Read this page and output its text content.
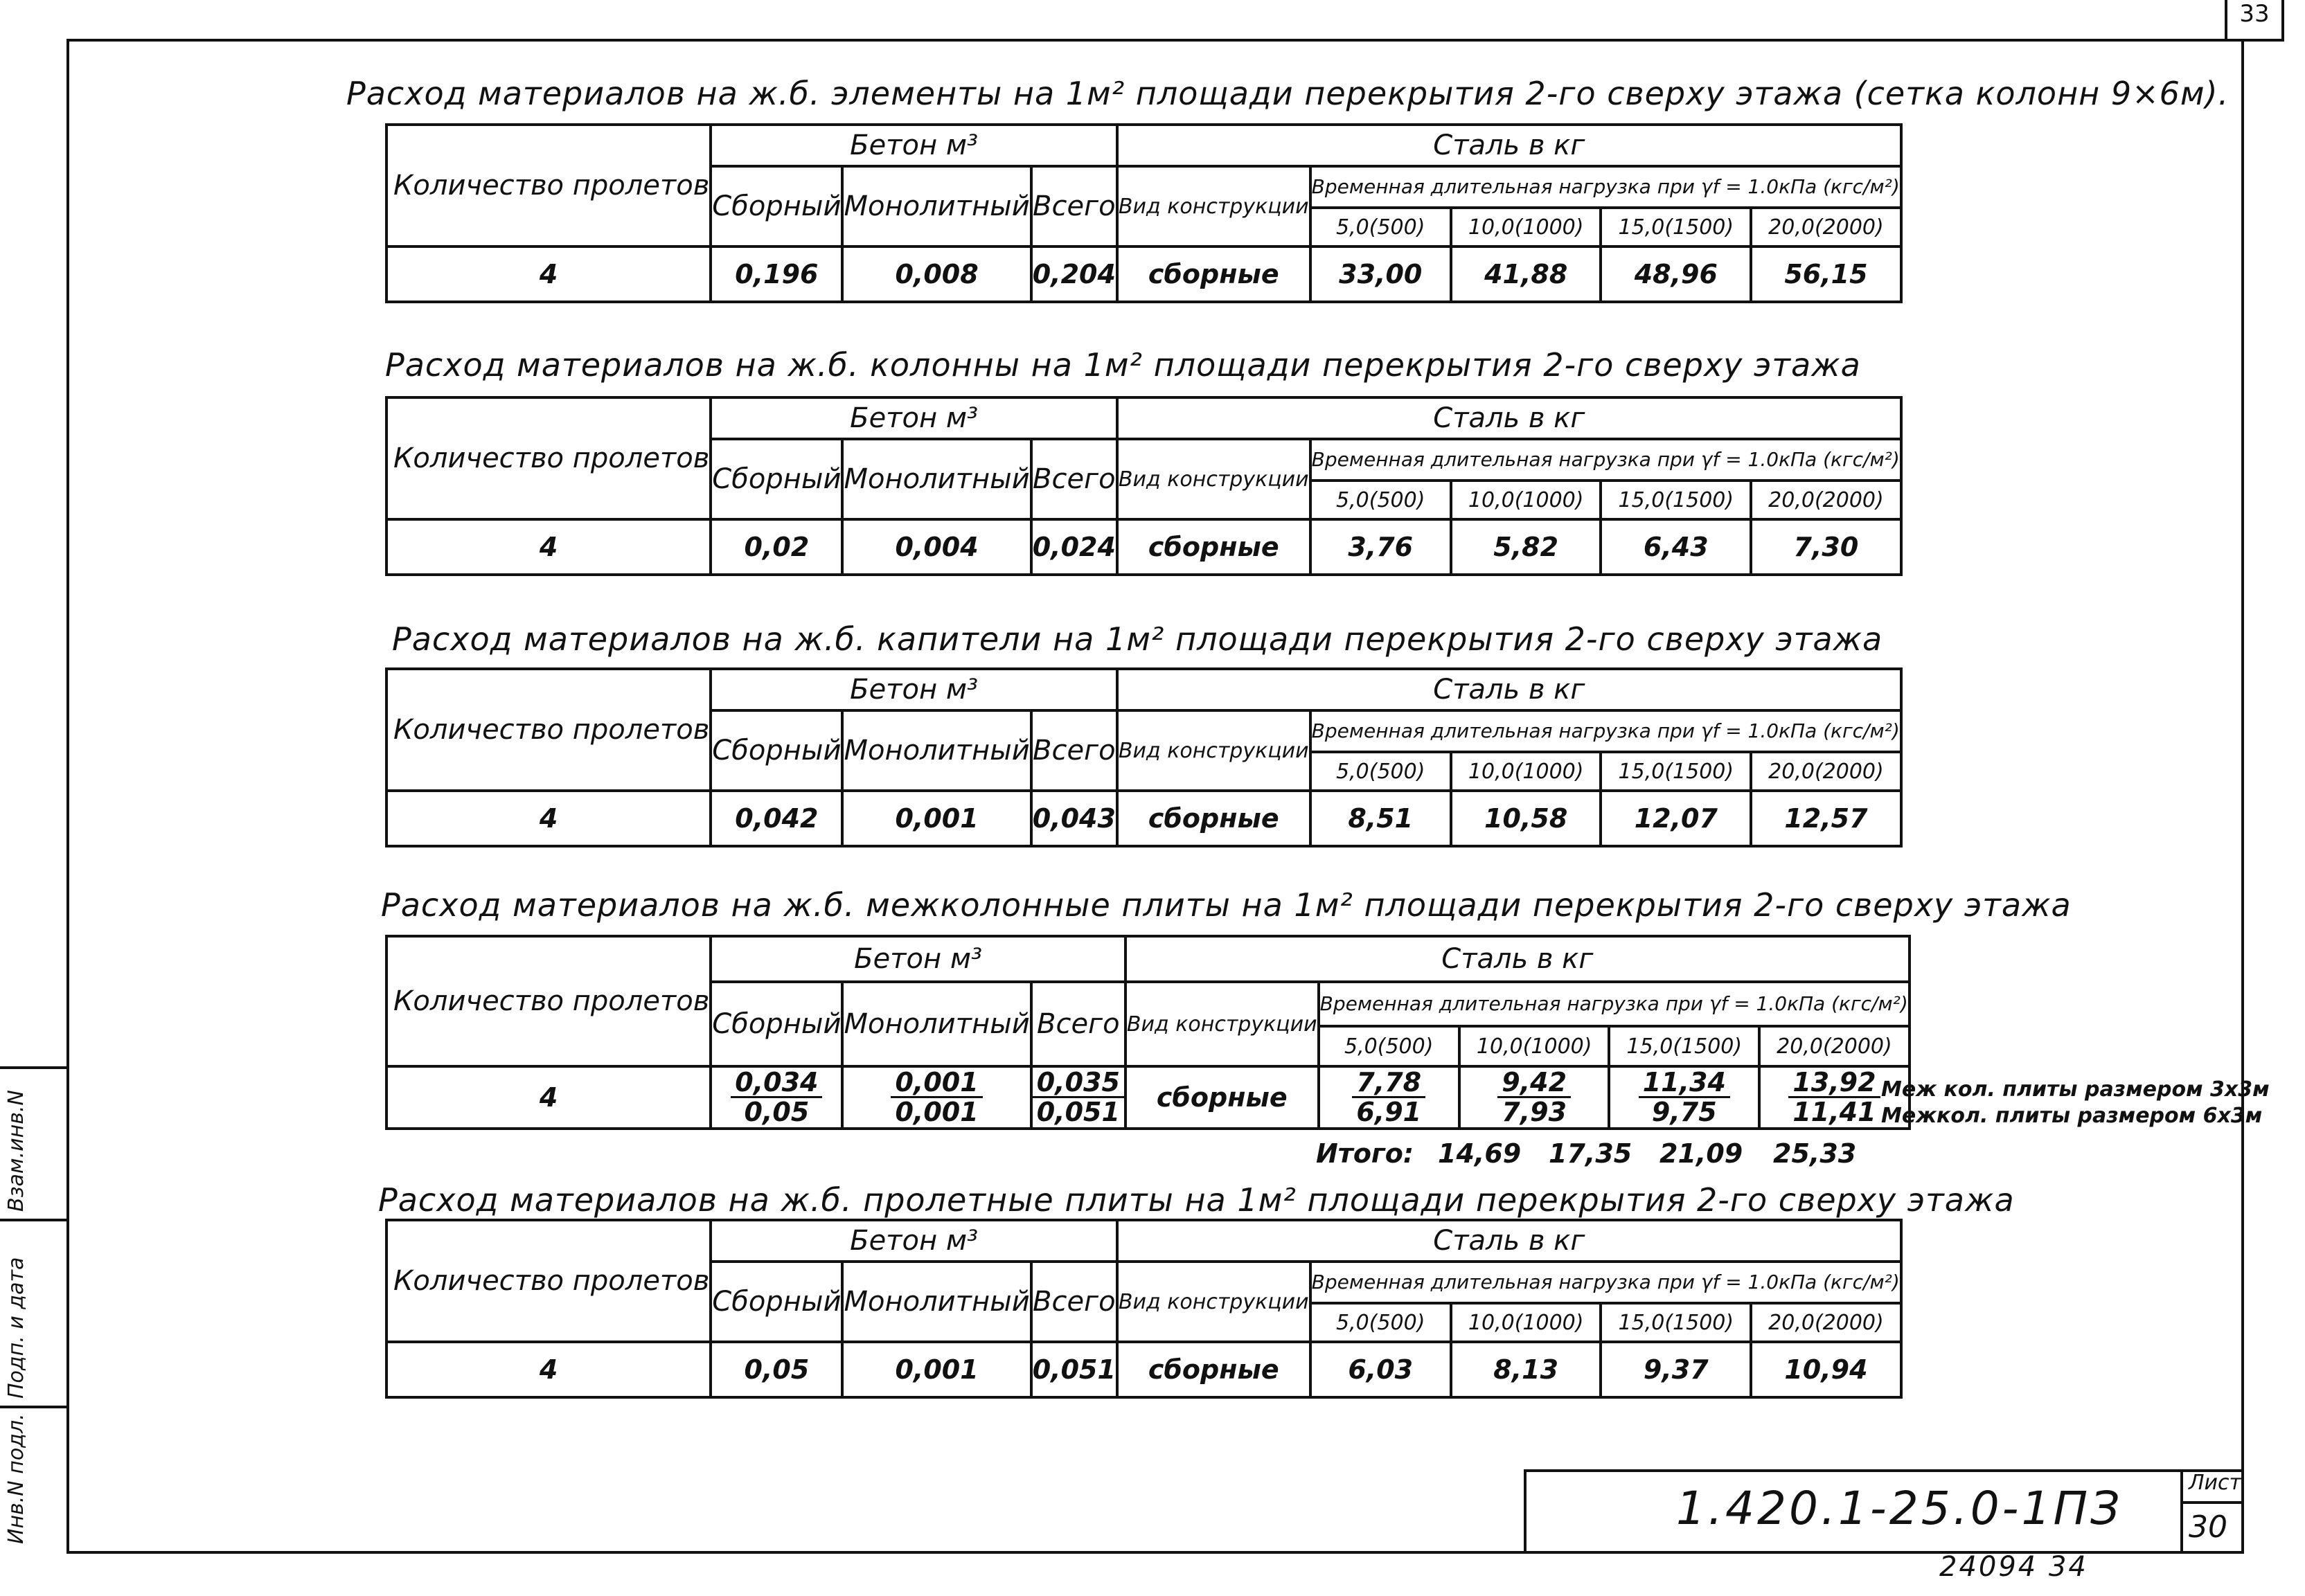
33
Инв.N подл.
Подп. и дата
Взам.инв.N
Расход материалов на ж.б. элементы на 1м² площади перекрытия 2-го сверху этажа (сетка колонн 9×6м).
Количество пролетов	Бетон м³			Сталь в кг				
	Сборный	Монолитный	Всего	Вид конструкции	Временная длительная нагрузка при γf = 1.0кПа (кгс/м²)			
					5,0(500)	10,0(1000)	15,0(1500)	20,0(2000)
4	0,196	0,008	0,204	сборные	33,00	41,88	48,96	56,15
Расход материалов на ж.б. колонны на 1м² площади перекрытия 2-го сверху этажа
Количество пролетов	Бетон м³			Сталь в кг				
	Сборный	Монолитный	Всего	Вид конструкции	Временная длительная нагрузка при γf = 1.0кПа (кгс/м²)			
					5,0(500)	10,0(1000)	15,0(1500)	20,0(2000)
4	0,02	0,004	0,024	сборные	3,76	5,82	6,43	7,30
Расход материалов на ж.б. капители на 1м² площади перекрытия 2-го сверху этажа
Количество пролетов	Бетон м³			Сталь в кг				
	Сборный	Монолитный	Всего	Вид конструкции	Временная длительная нагрузка при γf = 1.0кПа (кгс/м²)			
					5,0(500)	10,0(1000)	15,0(1500)	20,0(2000)
4	0,042	0,001	0,043	сборные	8,51	10,58	12,07	12,57
Расход материалов на ж.б. межколонные плиты на 1м² площади перекрытия 2-го сверху этажа
Количество пролетов	Бетон м³			Сталь в кг				
	Сборный	Монолитный	Всего	Вид конструкции	Временная длительная нагрузка при γf = 1.0кПа (кгс/м²)			
					5,0(500)	10,0(1000)	15,0(1500)	20,0(2000)
4	$\frac{0,034}{0,05}$	$\frac{0,001}{0,001}$	$\frac{0,035}{0,051}$	сборные	$\frac{7,78}{6,91}$	$\frac{9,42}{7,93}$	$\frac{11,34}{9,75}$	$\frac{13,92}{11,41}$ Меж кол. плиты размером 3х3м
Межкол. плиты размером 6х3м
Итого: 14,69 17,35 21,09 25,33
Расход материалов на ж.б. пролетные плиты на 1м² площади перекрытия 2-го сверху этажа
Количество пролетов	Бетон м³			Сталь в кг				
	Сборный	Монолитный	Всего	Вид конструкции	Временная длительная нагрузка при γf = 1.0кПа (кгс/м²)			
					5,0(500)	10,0(1000)	15,0(1500)	20,0(2000)
4	0,05	0,001	0,051	сборные	6,03	8,13	9,37	10,94
1.420.1-25.0-1ПЗ	Лист
30
24094 34
